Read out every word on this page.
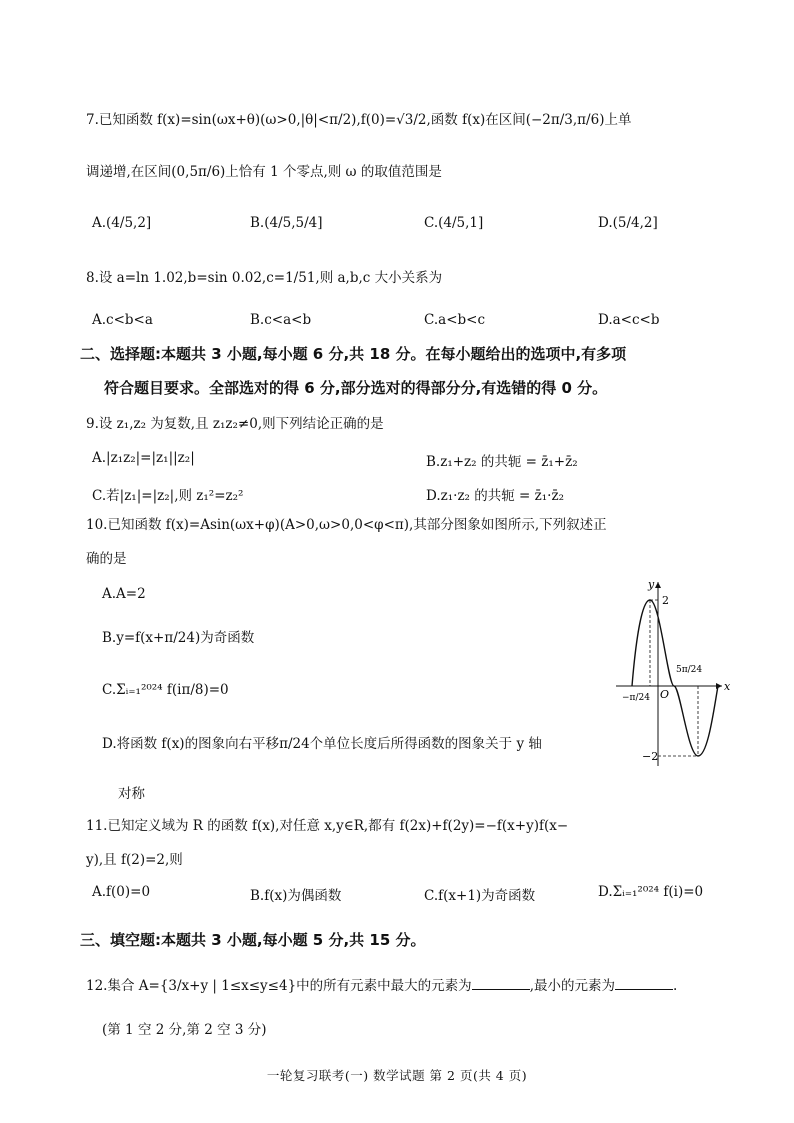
7.已知函数 f(x)=sin(ωx+θ)(ω>0,|θ|<π/2),f(0)=√3/2,函数 f(x)在区间(−2π/3,π/6)上单
调递增,在区间(0,5π/6)上恰有 1 个零点,则 ω 的取值范围是
A.(4/5,2]	B.(4/5,5/4]	C.(4/5,1]	D.(5/4,2]
8.设 a=ln 1.02,b=sin 0.02,c=1/51,则 a,b,c 大小关系为
A.c<b<a	B.c<a<b	C.a<b<c	D.a<c<b
二、选择题:本题共 3 小题,每小题 6 分,共 18 分。在每小题给出的选项中,有多项
符合题目要求。全部选对的得 6 分,部分选对的得部分分,有选错的得 0 分。
9.设 z₁,z₂ 为复数,且 z₁z₂≠0,则下列结论正确的是
A.|z₁z₂|=|z₁||z₂|	B.z₁+z₂ 的共轭 = z̄₁+z̄₂
C.若|z₁|=|z₂|,则 z₁²=z₂²	D.z₁·z₂ 的共轭 = z̄₁·z̄₂
10.已知函数 f(x)=Asin(ωx+φ)(A>0,ω>0,0<φ<π),其部分图象如图所示,下列叙述正
确的是
A.A=2
B.y=f(x+π/24)为奇函数
C.Σᵢ₌₁²⁰²⁴ f(iπ/8)=0
D.将函数 f(x)的图象向右平移π/24个单位长度后所得函数的图象关于 y 轴
对称
y
x
O
2
−2
−π/24
5π/24
11.已知定义域为 R 的函数 f(x),对任意 x,y∈R,都有 f(2x)+f(2y)=−f(x+y)f(x−
y),且 f(2)=2,则
A.f(0)=0	B.f(x)为偶函数	C.f(x+1)为奇函数	D.Σᵢ₌₁²⁰²⁴ f(i)=0
三、填空题:本题共 3 小题,每小题 5 分,共 15 分。
12.集合 A={3/x+y | 1≤x≤y≤4}中的所有元素中最大的元素为	,最小的元素为	.
(第 1 空 2 分,第 2 空 3 分)
一轮复习联考(一) 数学试题 第 2 页(共 4 页)
